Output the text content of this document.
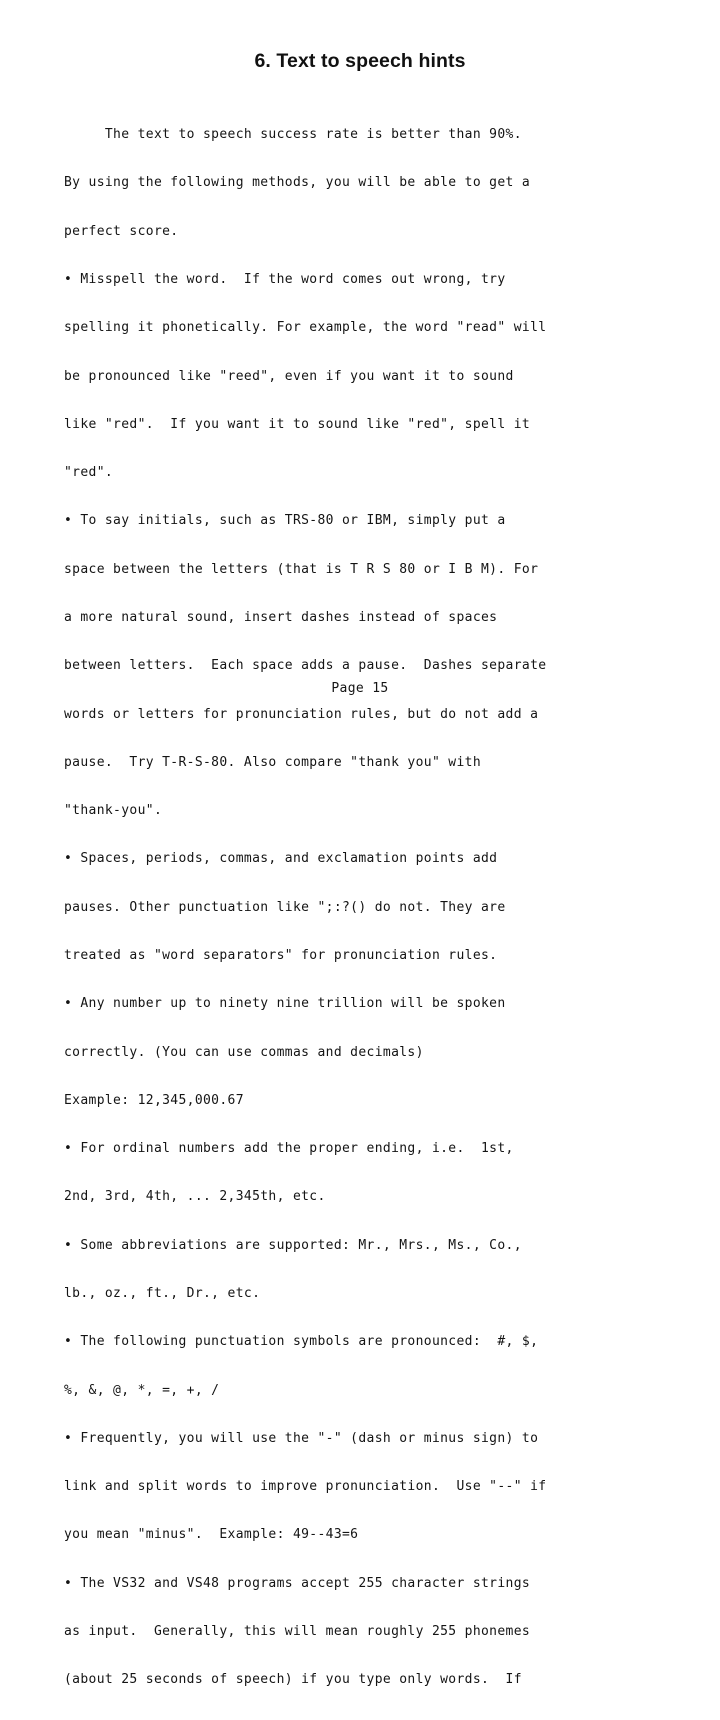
6. Text to speech hints

The text to speech success rate is better than 90%.

By using the following methods, you will be able to get a

perfect score.

• Misspell the word.  If the word comes out wrong, try

spelling it phonetically. For example, the word "read" will

be pronounced like "reed", even if you want it to sound

like "red".  If you want it to sound like "red", spell it

"red".

• To say initials, such as TRS-80 or IBM, simply put a

space between the letters (that is T R S 80 or I B M). For

a more natural sound, insert dashes instead of spaces

between letters.  Each space adds a pause.  Dashes separate

words or letters for pronunciation rules, but do not add a

pause.  Try T-R-S-80. Also compare "thank you" with

"thank-you".

• Spaces, periods, commas, and exclamation points add

pauses. Other punctuation like ";:?() do not. They are

treated as "word separators" for pronunciation rules.

• Any number up to ninety nine trillion will be spoken

correctly. (You can use commas and decimals)

Example: 12,345,000.67

• For ordinal numbers add the proper ending, i.e.  1st,

2nd, 3rd, 4th, ... 2,345th, etc.

• Some abbreviations are supported: Mr., Mrs., Ms., Co.,

lb., oz., ft., Dr., etc.

• The following punctuation symbols are pronounced:  #, $,

%, &, @, *, =, +, /

• Frequently, you will use the "-" (dash or minus sign) to

link and split words to improve pronunciation.  Use "--" if

you mean "minus".  Example: 49--43=6

• The VS32 and VS48 programs accept 255 character strings

as input.  Generally, this will mean roughly 255 phonemes

(about 25 seconds of speech) if you type only words.  If

Page 15
